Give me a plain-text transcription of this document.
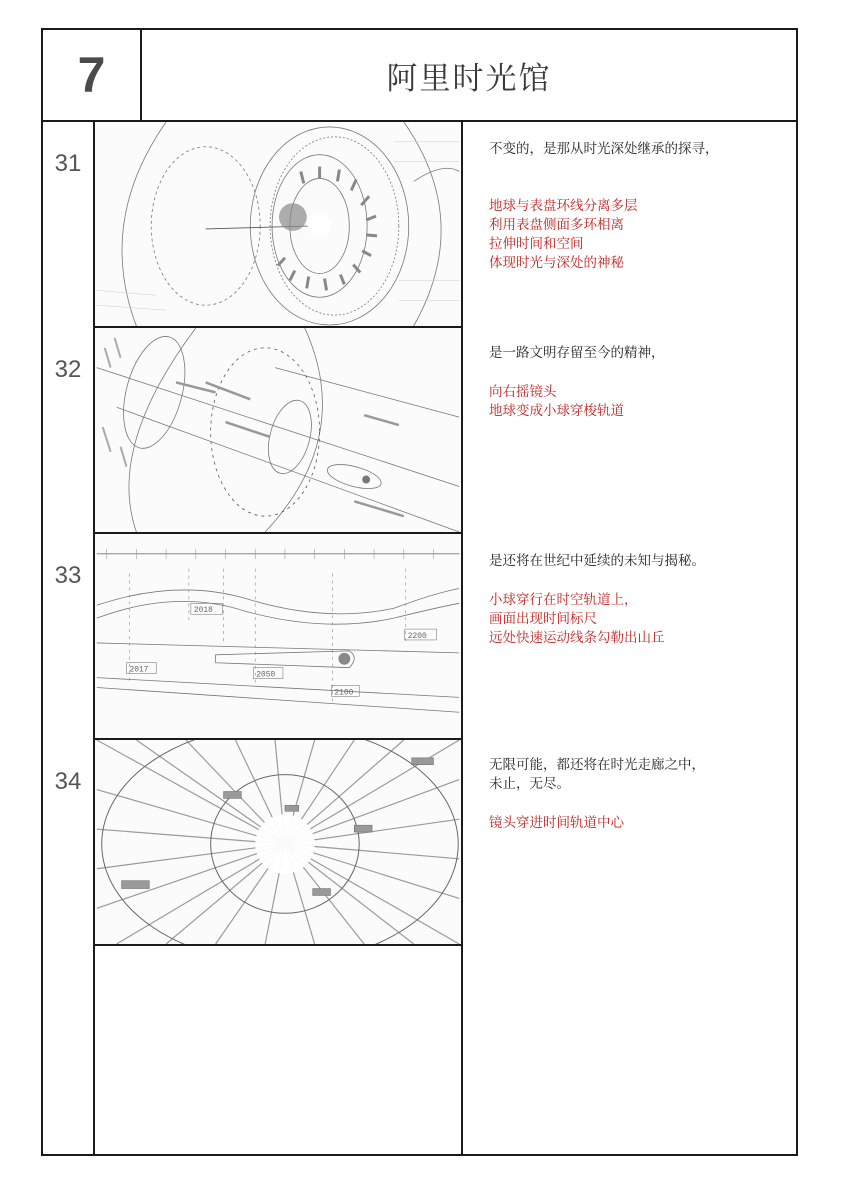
7	阿里时光馆
31
32
33
34
2017
2018
2050
2100
2200

不变的，是那从时光深处继承的探寻，

地球与表盘环线分离多层

利用表盘侧面多环相离

拉伸时间和空间

体现时光与深处的神秘

是一路文明存留至今的精神，

向右摇镜头

地球变成小球穿梭轨道

是还将在世纪中延续的未知与揭秘。

小球穿行在时空轨道上，

画面出现时间标尺

远处快速运动线条勾勒出山丘

无限可能，都还将在时光走廊之中，

未止，无尽。

镜头穿进时间轨道中心
